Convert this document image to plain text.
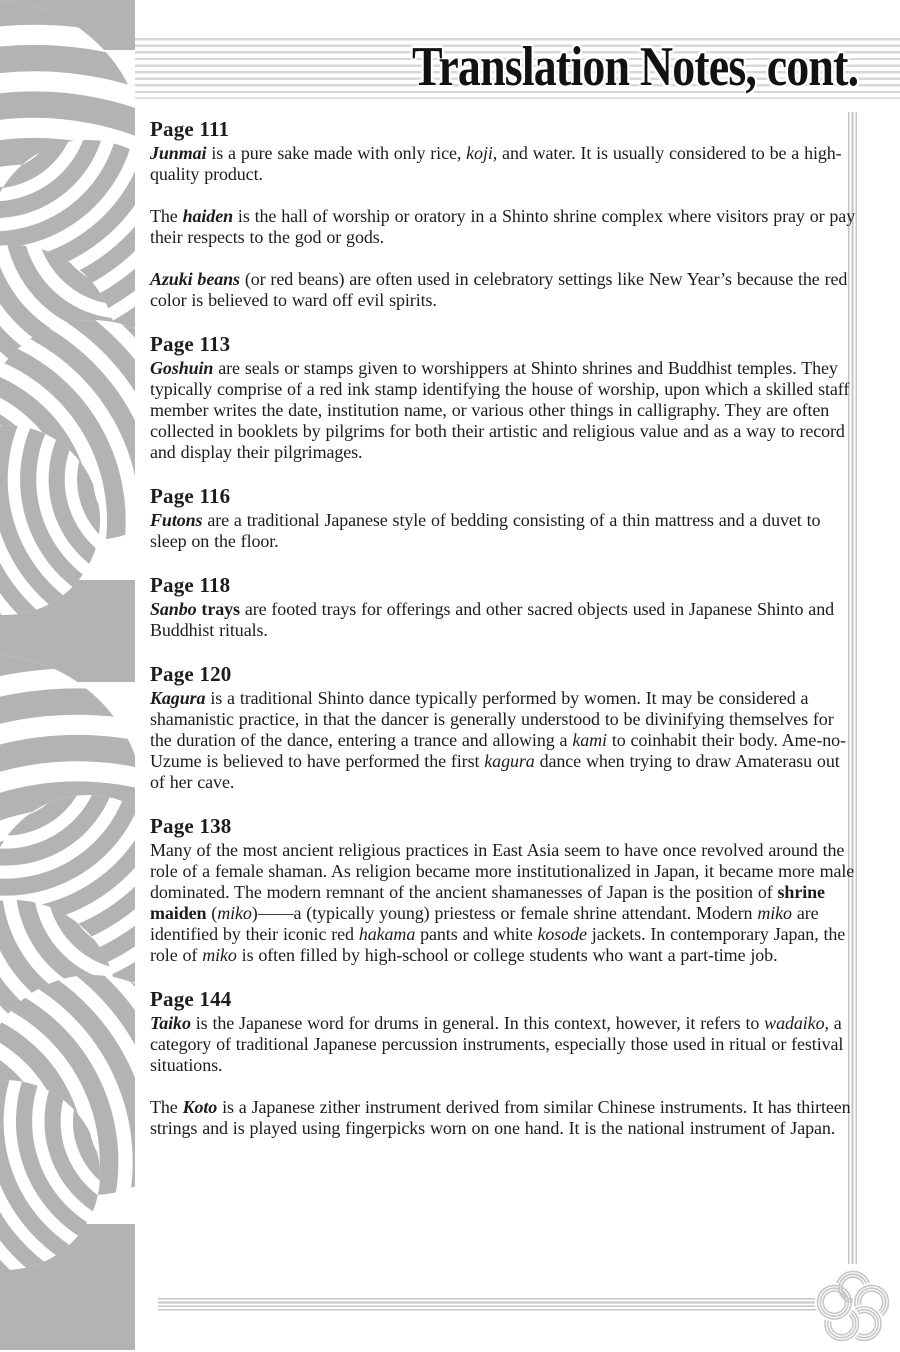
Translation Notes, cont.
Page 111

Junmai is a pure sake made with only rice, koji, and water. It is usually considered to be a high-quality product.

The haiden is the hall of worship or oratory in a Shinto shrine complex where visitors pray or pay their respects to the god or gods.

Azuki beans (or red beans) are often used in celebratory settings like New Year’s because the red color is believed to ward off evil spirits.

Page 113

Goshuin are seals or stamps given to worshippers at Shinto shrines and Buddhist temples. They typically comprise of a red ink stamp identifying the house of worship, upon which a skilled staff member writes the date, institution name, or various other things in calligraphy. They are often collected in booklets by pilgrims for both their artistic and religious value and as a way to record and display their pilgrimages.

Page 116

Futons are a traditional Japanese style of bedding consisting of a thin mattress and a duvet to sleep on the floor.

Page 118

Sanbo trays are footed trays for offerings and other sacred objects used in Japanese Shinto and Buddhist rituals.

Page 120

Kagura is a traditional Shinto dance typically performed by women. It may be considered a shamanistic practice, in that the dancer is generally understood to be divinifying themselves for the duration of the dance, entering a trance and allowing a kami to coinhabit their body. Ame-no-Uzume is believed to have performed the first kagura dance when trying to draw Amaterasu out of her cave.

Page 138

Many of the most ancient religious practices in East Asia seem to have once revolved around the role of a female shaman. As religion became more institutionalized in Japan, it became more male dominated. The modern remnant of the ancient shamanesses of Japan is the position of shrine maiden (miko)——a (typically young) priestess or female shrine attendant. Modern miko are identified by their iconic red hakama pants and white kosode jackets. In contemporary Japan, the role of miko is often filled by high-school or college students who want a part-time job.

Page 144

Taiko is the Japanese word for drums in general. In this context, however, it refers to wadaiko, a category of traditional Japanese percussion instruments, especially those used in ritual or festival situations.

The Koto is a Japanese zither instrument derived from similar Chinese instruments. It has thirteen strings and is played using fingerpicks worn on one hand. It is the national instrument of Japan.
